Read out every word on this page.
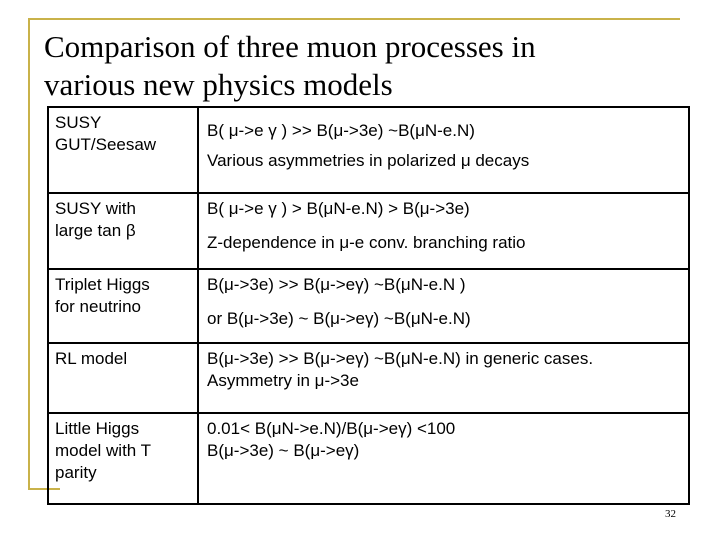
Comparison of three muon processes in
various new physics models
SUSY
GUT/Seesaw	B( μ->e γ ) >> B(μ->3e) ~B(μN-e.N)
Various asymmetries in polarized μ decays

SUSY with
large tan β	B( μ->e γ ) > B(μN-e.N) > B(μ->3e)
Z-dependence in μ-e conv. branching ratio

Triplet Higgs
for neutrino	B(μ->3e) >> B(μ->eγ) ~B(μN-e.N )
or B(μ->3e) ~ B(μ->eγ) ~B(μN-e.N)

RL model	B(μ->3e) >> B(μ->eγ) ~B(μN-e.N) in generic cases.
Asymmetry in μ->3e

Little Higgs
model with T
parity	0.01< B(μN->e.N)/B(μ->eγ) <100
B(μ->3e) ~ B(μ->eγ)
32
